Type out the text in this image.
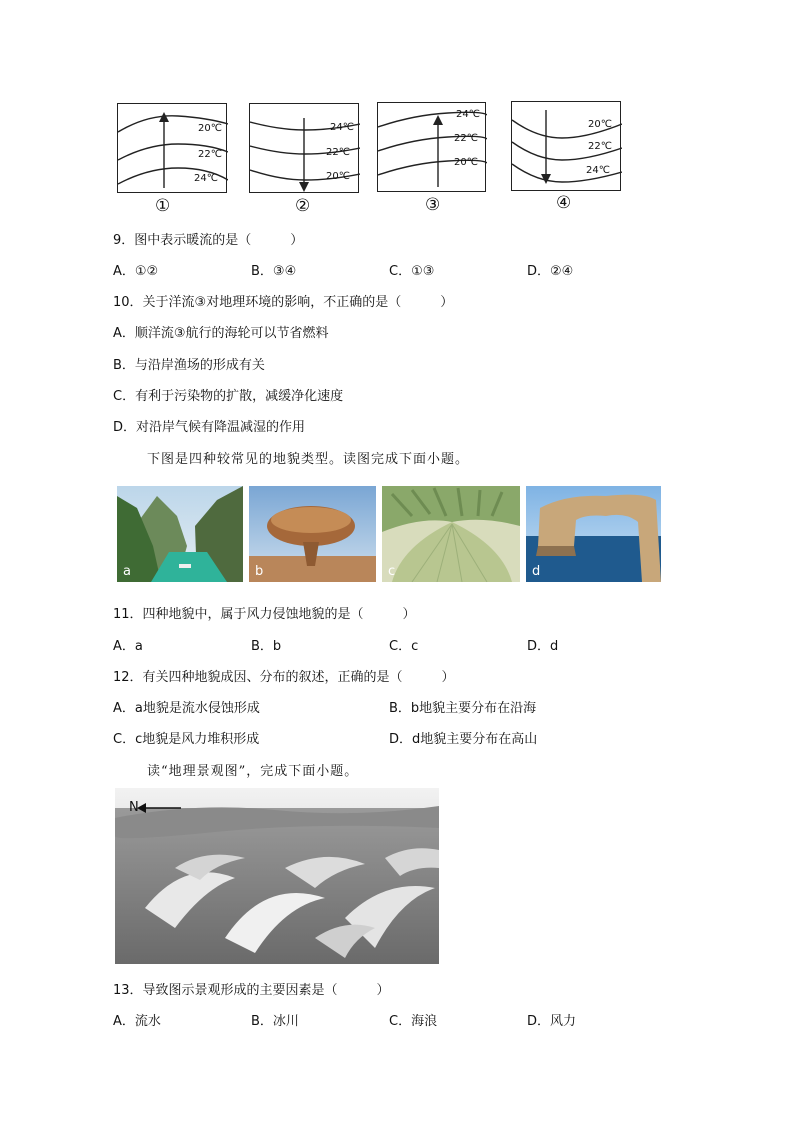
20℃
22℃
24℃
①
24℃
22℃
20℃
②
24℃
22℃
20℃
③
20℃
22℃
24℃
④
9．图中表示暖流的是（　　　）
A．①②	B．③④	C．①③	D．②④
10．关于洋流③对地理环境的影响，不正确的是（　　　）
A．顺洋流③航行的海轮可以节省燃料
B．与沿岸渔场的形成有关
C．有利于污染物的扩散，减缓净化速度
D．对沿岸气候有降温减湿的作用
下图是四种较常见的地貌类型。读图完成下面小题。
a	b	c	d
11．四种地貌中，属于风力侵蚀地貌的是（　　　）
A．a	B．b	C．c	D．d
12．有关四种地貌成因、分布的叙述，正确的是（　　　）
A．a地貌是流水侵蚀形成	B．b地貌主要分布在沿海
C．c地貌是风力堆积形成	D．d地貌主要分布在高山
读“地理景观图”，完成下面小题。
N
13．导致图示景观形成的主要因素是（　　　）
A．流水	B．冰川	C．海浪	D．风力
